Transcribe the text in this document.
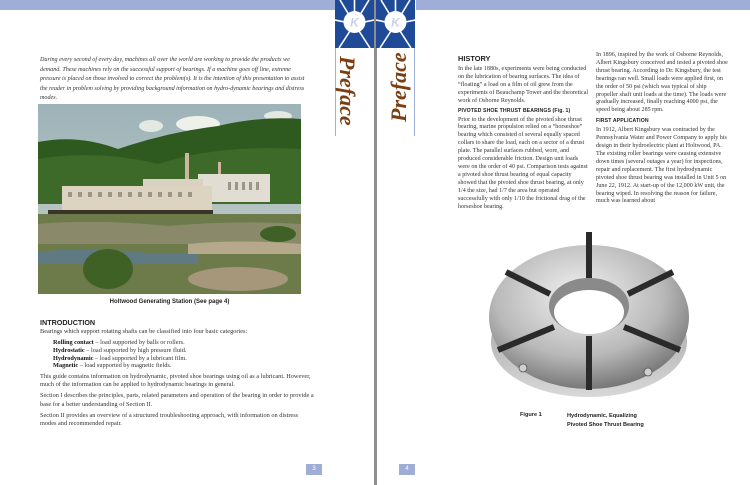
K	K
Preface Preface
During every second of every day, machines all over the world are working to provide the products we demand. These machines rely on the successful support of bearings. If a machine goes off line, extreme pressure is placed on those involved to correct the problem(s). It is the intention of this presentation to assist the reader in problem solving by providing background information on hydro-dynamic bearings and distress modes.
Holtwood Generating Station (See page 4)
INTRODUCTION

Bearings which support rotating shafts can be classified into four basic categories:

Rolling contact – load supported by balls or rollers.
Hydrostatic – load supported by high pressure fluid.
Hydrodynamic – load supported by a lubricant film.
Magnetic – load supported by magnetic fields.

This guide contains information on hydrodynamic, pivoted shoe bearings using oil as a lubricant. However, much of the information can be applied to hydrodynamic bearings in general.

Section I describes the principles, parts, related parameters and operation of the bearing in order to provide a base for a better understanding of Section II.

Section II provides an overview of a structured troubleshooting approach, with information on distress modes and recommended repair.

3
HISTORY
In the late 1880s, experiments were being conducted on the lubrication of bearing surfaces. The idea of “floating” a load on a film of oil grew from the experiments of Beauchamp Tower and the theoretical work of Osborne Reynolds.
PIVOTED SHOE THRUST BEARINGS (Fig. 1)
Prior to the development of the pivoted shoe thrust bearing, marine propulsion relied on a “horseshoe” bearing which consisted of several equally spaced collars to share the load, each on a sector of a thrust plate. The parallel surfaces rubbed, wore, and produced considerable friction. Design unit loads were on the order of 40 psi. Comparison tests against a pivoted shoe thrust bearing of equal capacity showed that the pivoted shoe thrust bearing, at only 1/4 the size, had 1/7 the area but operated successfully with only 1/10 the frictional drag of the horseshoe bearing.
In 1896, inspired by the work of Osborne Reynolds, Albert Kingsbury conceived and tested a pivoted shoe thrust bearing. According to Dr. Kingsbury, the test bearings ran well. Small loads were applied first, on the order of 50 psi (which was typical of ship propeller shaft unit loads at the time). The loads were gradually increased, finally reaching 4000 psi, the speed being about 285 rpm.
FIRST APPLICATION
In 1912, Albert Kingsbury was contracted by the Pennsylvania Water and Power Company to apply his design in their hydroelectric plant at Holtwood, PA. The existing roller bearings were causing extensive down times (several outages a year) for inspections, repair and replacement. The first hydrodynamic pivoted shoe thrust bearing was installed in Unit 5 on June 22, 1912. At start-up of the 12,000 kW unit, the bearing wiped. In resolving the reason for failure, much was learned about
Figure 1	Hydrodynamic, Equalizing
Pivoted Shoe Thrust Bearing
4
